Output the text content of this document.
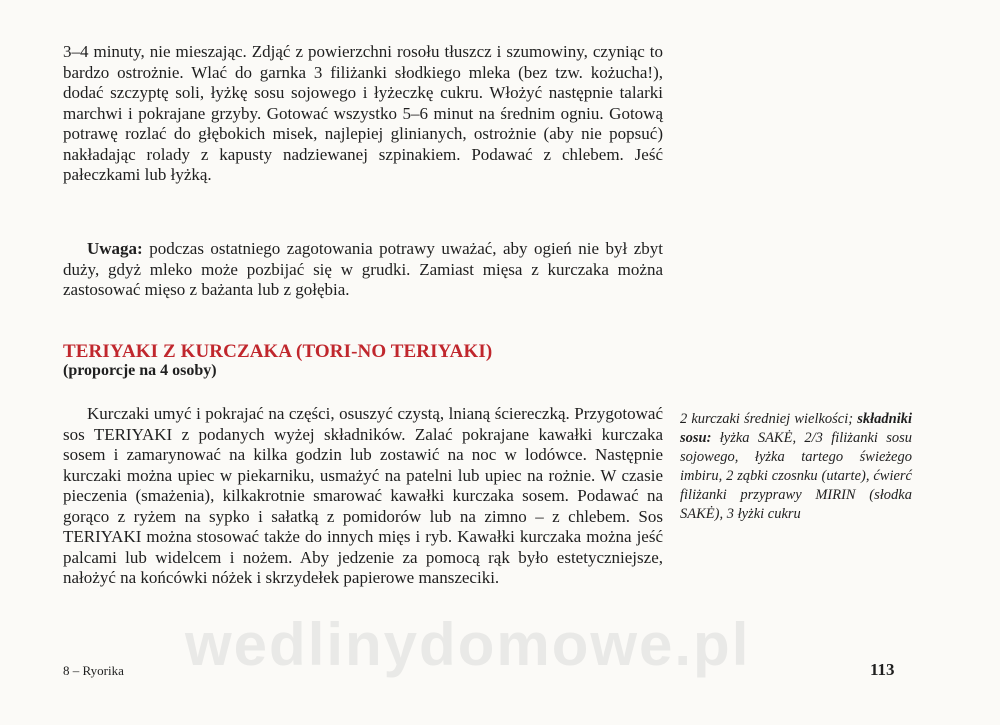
3–4 minuty, nie mieszając. Zdjąć z powierzchni rosołu tłuszcz i szumowiny, czyniąc to bardzo ostrożnie. Wlać do garnka 3 filiżanki słodkiego mleka (bez tzw. kożucha!), dodać szczyptę soli, łyżkę sosu sojowego i łyżeczkę cukru. Włożyć następnie talarki marchwi i pokrajane grzyby. Gotować wszystko 5–6 minut na średnim ogniu. Gotową potrawę rozlać do głębokich misek, najlepiej glinianych, ostrożnie (aby nie popsuć) nakładając rolady z kapusty nadziewanej szpinakiem. Podawać z chlebem. Jeść pałeczkami lub łyżką.

Uwaga: podczas ostatniego zagotowania potrawy uważać, aby ogień nie był zbyt duży, gdyż mleko może pozbijać się w grudki. Zamiast mięsa z kurczaka można zastosować mięso z bażanta lub z gołębia.

TERIYAKI Z KURCZAKA (TORI-NO TERIYAKI)
(proporcje na 4 osoby)

Kurczaki umyć i pokrajać na części, osuszyć czystą, lnianą ściereczką. Przygotować sos TERIYAKI z podanych wyżej składników. Zalać pokrajane kawałki kurczaka sosem i zamarynować na kilka godzin lub zostawić na noc w lodówce. Następnie kurczaki można upiec w piekarniku, usmażyć na patelni lub upiec na rożnie. W czasie pieczenia (smażenia), kilkakrotnie smarować kawałki kurczaka sosem. Podawać na gorąco z ryżem na sypko i sałatką z pomidorów lub na zimno – z chlebem. Sos TERIYAKI można stosować także do innych mięs i ryb. Kawałki kurczaka można jeść palcami lub widelcem i nożem. Aby jedzenie za pomocą rąk było estetyczniejsze, nałożyć na końcówki nóżek i skrzydełek papierowe manszeciki.

2 kurczaki średniej wielkości; składniki sosu: łyżka SAKĖ, 2/3 filiżanki sosu sojowego, łyżka tartego świeżego imbiru, 2 ząbki czosnku (utarte), ćwierć filiżanki przyprawy MIRIN (słodka SAKĖ), 3 łyżki cukru

wedlinydomowe.pl
8 – Ryorika	113
